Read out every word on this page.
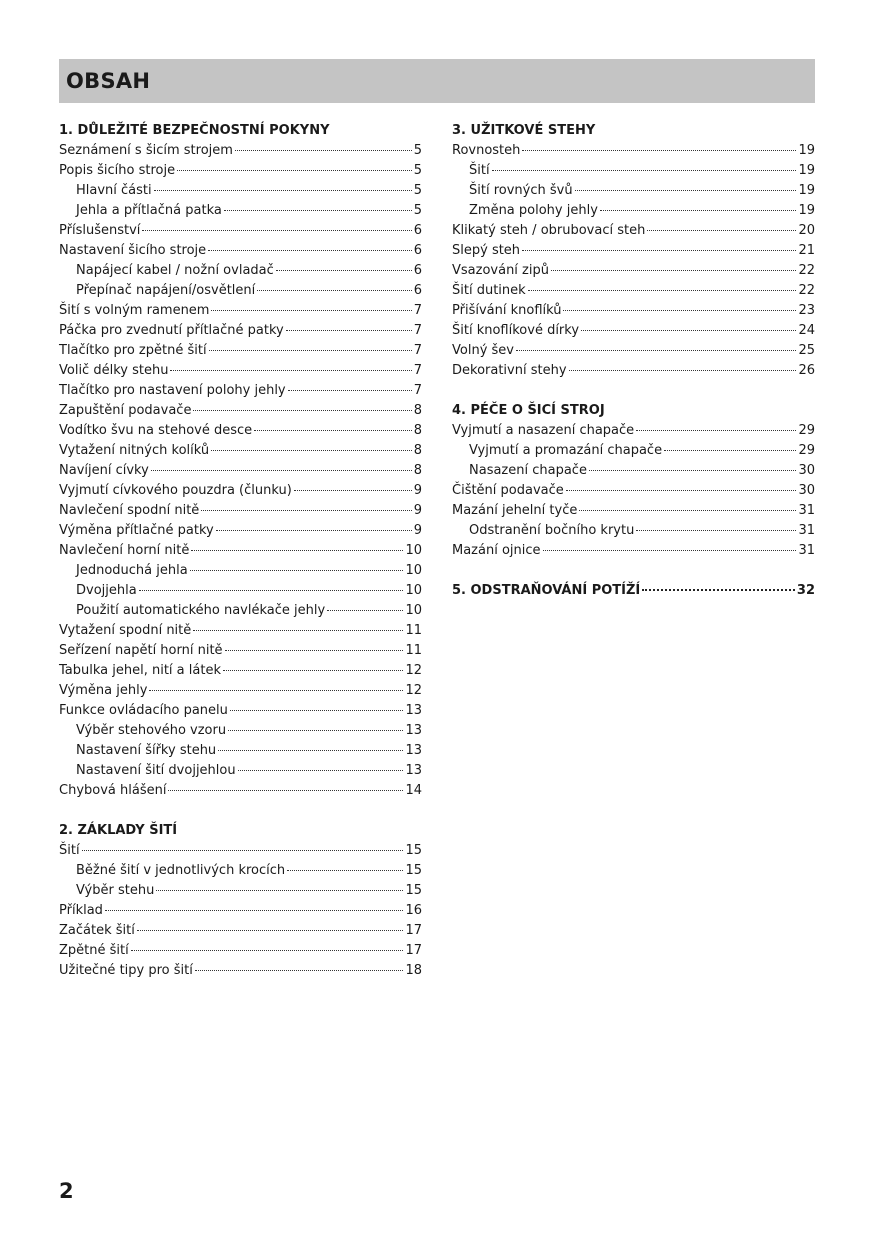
OBSAH
1. DŮLEŽITÉ BEZPEČNOSTNÍ POKYNY
Seznámení s šicím strojem	5
Popis šicího stroje	5
Hlavní části	5
Jehla a přítlačná patka	5
Příslušenství	6
Nastavení šicího stroje	6
Napájecí kabel / nožní ovladač	6
Přepínač napájení/osvětlení	6
Šití s volným ramenem	7
Páčka pro zvednutí přítlačné patky	7
Tlačítko pro zpětné šití	7
Volič délky stehu	7
Tlačítko pro nastavení polohy jehly	7
Zapuštění podavače	8
Vodítko švu na stehové desce	8
Vytažení nitných kolíků	8
Navíjení cívky	8
Vyjmutí cívkového pouzdra (člunku)	9
Navlečení spodní nitě	9
Výměna přítlačné patky	9
Navlečení horní nitě	10
Jednoduchá jehla	10
Dvojjehla	10
Použití automatického navlékače jehly	10
Vytažení spodní nitě	11
Seřízení napětí horní nitě	11
Tabulka jehel, nití a látek	12
Výměna jehly	12
Funkce ovládacího panelu	13
Výběr stehového vzoru	13
Nastavení šířky stehu	13
Nastavení šití dvojjehlou	13
Chybová hlášení	14
2. ZÁKLADY ŠITÍ
Šití	15
Běžné šití v jednotlivých krocích	15
Výběr stehu	15
Příklad	16
Začátek šití	17
Zpětné šití	17
Užitečné tipy pro šití	18
3. UŽITKOVÉ STEHY
Rovnosteh	19
Šití	19
Šití rovných švů	19
Změna polohy jehly	19
Klikatý steh / obrubovací steh	20
Slepý steh	21
Vsazování zipů	22
Šití dutinek	22
Přišívání knoflíků	23
Šití knoflíkové dírky	24
Volný šev	25
Dekorativní stehy	26
4. PÉČE O ŠICÍ STROJ
Vyjmutí a nasazení chapače	29
Vyjmutí a promazání chapače	29
Nasazení chapače	30
Čištění podavače	30
Mazání jehelní tyče	31
Odstranění bočního krytu	31
Mazání ojnice	31
5. ODSTRAŇOVÁNÍ POTÍŽÍ	32
2
